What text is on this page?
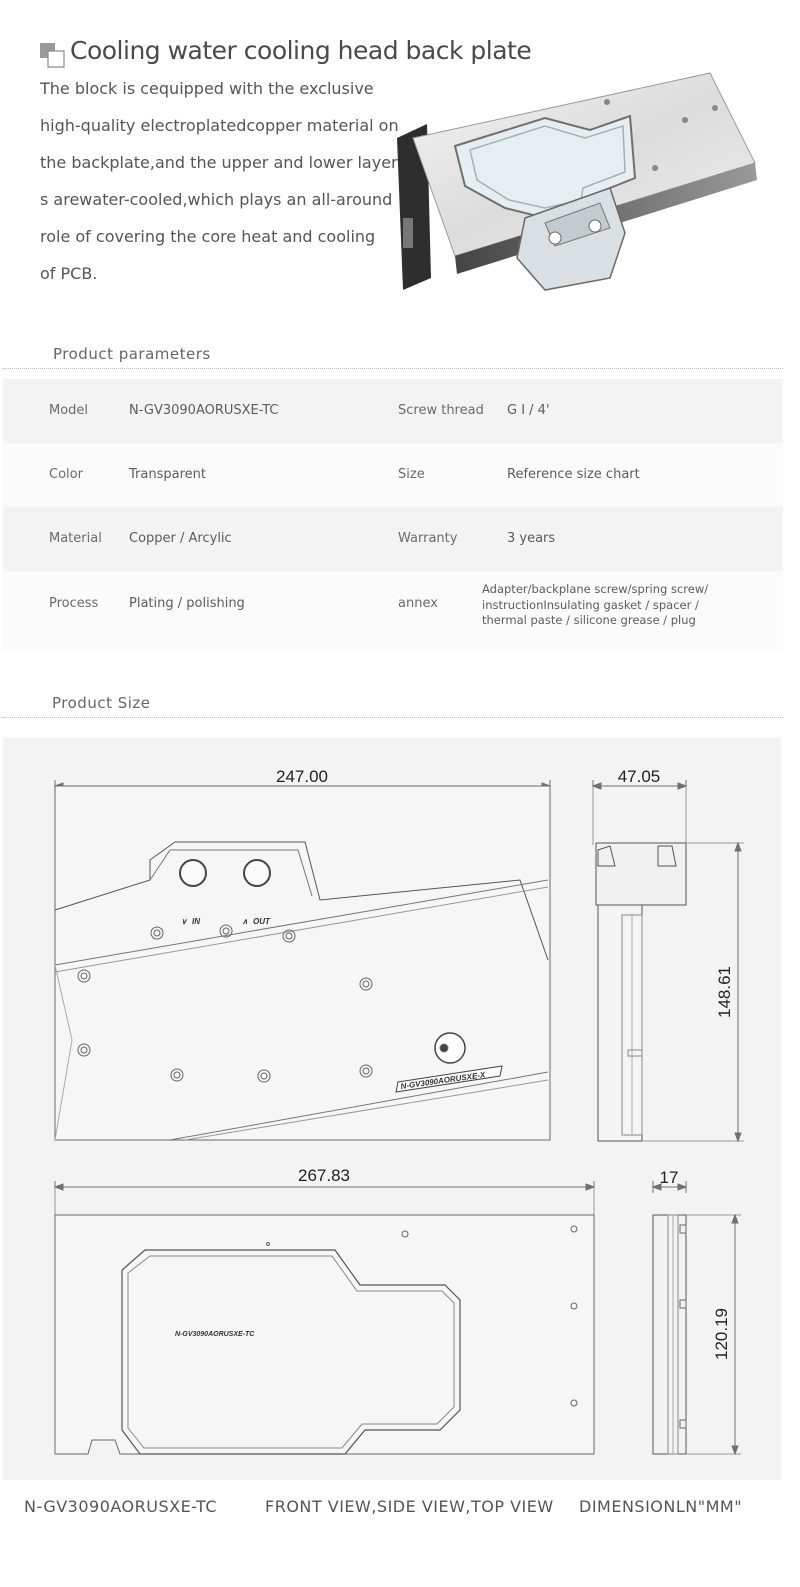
Cooling water cooling head back plate
The block is cequipped with the exclusive
high-quality electroplatedcopper material on
the backplate,and the upper and lower layer
s arewater-cooled,which plays an all-around
role of covering the core heat and cooling
of PCB.
Product parameters
Model	N-GV3090AORUSXE-TC	Screw thread G I / 4'
Color	Transparent	Size	Reference size chart
Material Copper / Arcylic	Warranty	3 years
Process Plating / polishing	annex
Adapter/backplane screw/spring screw/
instructionInsulating gasket / spacer /
thermal paste / silicone grease / plug
Product Size
247.00	47.05
148.61
267.83	17
120.19
∨ IN	∧ OUT
N-GV3090AORUSXE-X
N-GV3090AORUSXE-TC
N-GV3090AORUSXE-TC	FRONT VIEW,SIDE VIEW,TOP VIEW DIMENSIONLN"MM"
